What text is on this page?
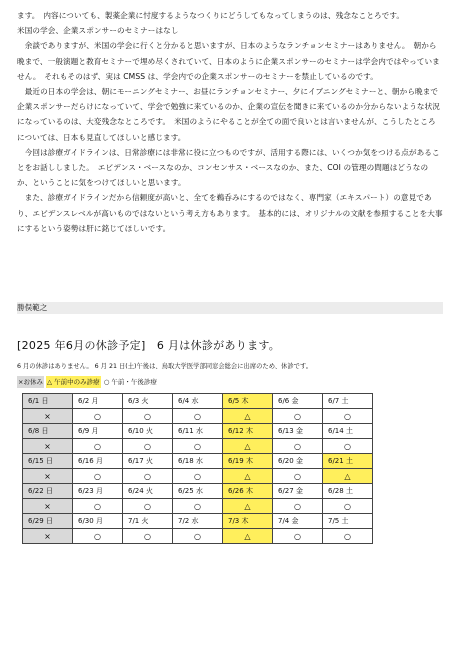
ます。　内容についても、製薬企業に忖度するようなつくりにどうしてもなってしまうのは、残念なことろです。

米国の学会、企業スポンサーのセミナーはなし

　余談でありますが、米国の学会に行くと分かると思いますが、日本のようなランチョンセミナーはありません。　朝から晩まで、一般演題と教育セミナーで埋め尽くされていて、日本のように企業スポンサーのセミナーは学会内ではやっていません。　それもそのはず、実は CMSS は、学会内での企業スポンサーのセミナーを禁止しているのです。

　最近の日本の学会は、朝にモーニングセミナー、お昼にランチョンセミナー、夕にイブニングセミナーと、朝から晩まで企業スポンサーだらけになっていて、学会で勉強に来ているのか、企業の宣伝を聞きに来ているのか分からないような状況になっているのは、大変残念なところです。　米国のようにやることが全ての面で良いとは言いませんが、こうしたところについては、日本も見直してほしいと感じます。

　今回は診療ガイドラインは、日常診療には非常に役に立つものですが、活用する際には、いくつか気をつける点があることをお話ししました。　エビデンス・ベースなのか、コンセンサス・ベースなのか、また、COI の管理の問題はどうなのか、ということに気をつけてほしいと思います。

　また、診療ガイドラインだから信頼度が高いと、全てを鵜呑みにするのではなく、専門家（エキスパート）の意見であり、エビデンスレベルが高いものではないという考え方もあります。　基本的には、オリジナルの文献を参照することを大事にするという姿勢は肝に銘じてほしいです。

勝俣範之
[2025 年6月の休診予定]　6 月は休診があります。
6 月の休診はありません。 6 月 21 日(土)午後は、鳥取大学医学部同窓会総会に出席のため、休診です。
×お休み △ 午前中のみ診療 ○ 午前・午後診療
6/1 日	6/2 月	6/3 火	6/4 水	6/5 木	6/6 金	6/7 土
×	○	○	○	△	○	○
6/8 日	6/9 月	6/10 火	6/11 水	6/12 木	6/13 金	6/14 土
×	○	○	○	△	○	○
6/15 日	6/16 月	6/17 火	6/18 水	6/19 木	6/20 金	6/21 土
×	○	○	○	△	○	△
6/22 日	6/23 月	6/24 火	6/25 水	6/26 木	6/27 金	6/28 土
×	○	○	○	△	○	○
6/29 日	6/30 月	7/1 火	7/2 水	7/3 木	7/4 金	7/5 土
×	○	○	○	△	○	○
